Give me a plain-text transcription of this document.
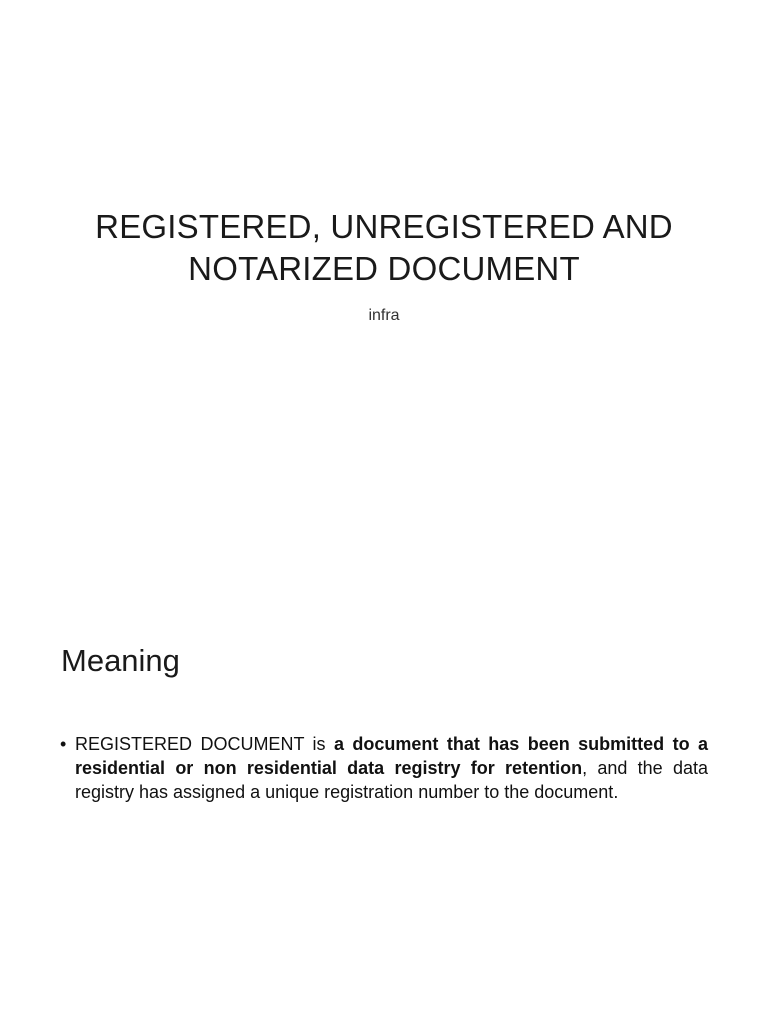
REGISTERED, UNREGISTERED AND
NOTARIZED DOCUMENT
infra
Meaning
• REGISTERED DOCUMENT is a document that has been submitted to a residential or non residential data registry for retention, and the data registry has assigned a unique registration number to the document.
